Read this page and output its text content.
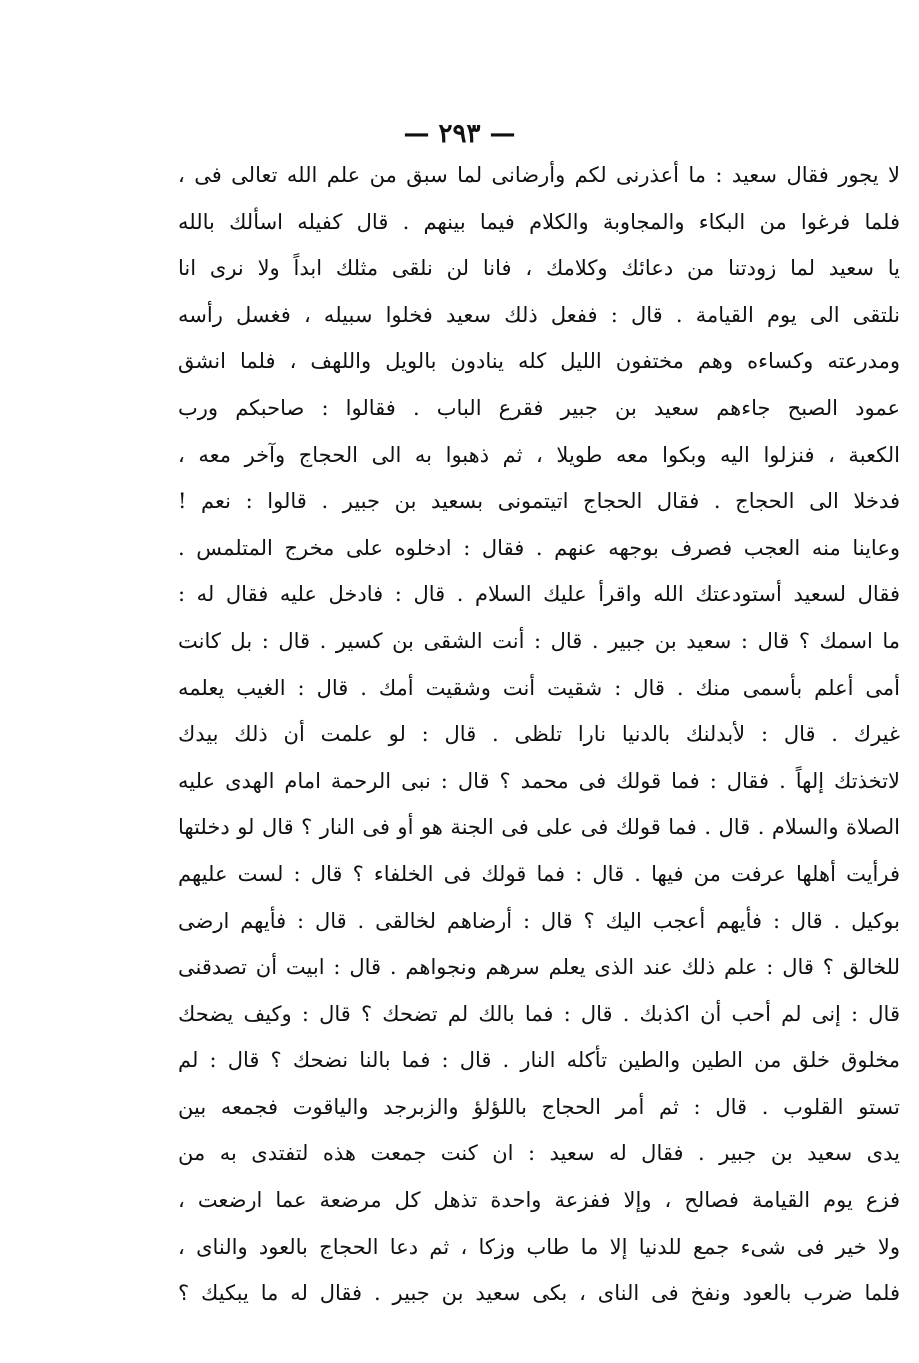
— ٢٩٣ —
لا يجور فقال سعيد : ما أعذرنى لكم وأرضانى لما سبق من علم الله تعالى فى ،
فلما فرغوا من البكاء والمجاوبة والكلام فيما بينهم . قال كفيله اسألك بالله
يا سعيد لما زودتنا من دعائك وكلامك ، فانا لن نلقى مثلك ابداً ولا نرى انا
نلتقى الى يوم القيامة . قال : ففعل ذلك سعيد فخلوا سبيله ، فغسل رأسه
ومدرعته وكساءه وهم مختفون الليل كله ينادون بالويل واللهف ، فلما انشق
عمود الصبح جاءهم سعيد بن جبير فقرع الباب . فقالوا : صاحبكم ورب
الكعبة ، فنزلوا اليه وبكوا معه طويلا ، ثم ذهبوا به الى الحجاج وآخر معه ،
فدخلا الى الحجاج . فقال الحجاج اتيتمونى بسعيد بن جبير . قالوا : نعم !
وعاينا منه العجب فصرف بوجهه عنهم . فقال : ادخلوه على مخرج المتلمس .
فقال لسعيد أستودعتك الله واقرأ عليك السلام . قال : فادخل عليه فقال له :
ما اسمك ؟ قال : سعيد بن جبير . قال : أنت الشقى بن كسير . قال : بل كانت
أمى أعلم بأسمى منك . قال : شقيت أنت وشقيت أمك . قال : الغيب يعلمه
غيرك . قال : لأبدلنك بالدنيا نارا تلظى . قال : لو علمت أن ذلك بيدك
لاتخذتك إلهاً . فقال : فما قولك فى محمد ؟ قال : نبى الرحمة امام الهدى عليه
الصلاة والسلام . قال . فما قولك فى على فى الجنة هو أو فى النار ؟ قال لو دخلتها
فرأيت أهلها عرفت من فيها . قال : فما قولك فى الخلفاء ؟ قال : لست عليهم
بوكيل . قال : فأيهم أعجب اليك ؟ قال : أرضاهم لخالقى . قال : فأيهم ارضى
للخالق ؟ قال : علم ذلك عند الذى يعلم سرهم ونجواهم . قال : ابيت أن تصدقنى
قال : إنى لم أحب أن اكذبك . قال : فما بالك لم تضحك ؟ قال : وكيف يضحك
مخلوق خلق من الطين والطين تأكله النار . قال : فما بالنا نضحك ؟ قال : لم
تستو القلوب . قال : ثم أمر الحجاج باللؤلؤ والزبرجد والياقوت فجمعه بين
يدى سعيد بن جبير . فقال له سعيد : ان كنت جمعت هذه لتفتدى به من
فزع يوم القيامة فصالح ، وإلا ففزعة واحدة تذهل كل مرضعة عما ارضعت ،
ولا خير فى شىء جمع للدنيا إلا ما طاب وزكا ، ثم دعا الحجاج بالعود والناى ،
فلما ضرب بالعود ونفخ فى الناى ، بكى سعيد بن جبير . فقال له ما يبكيك ؟
